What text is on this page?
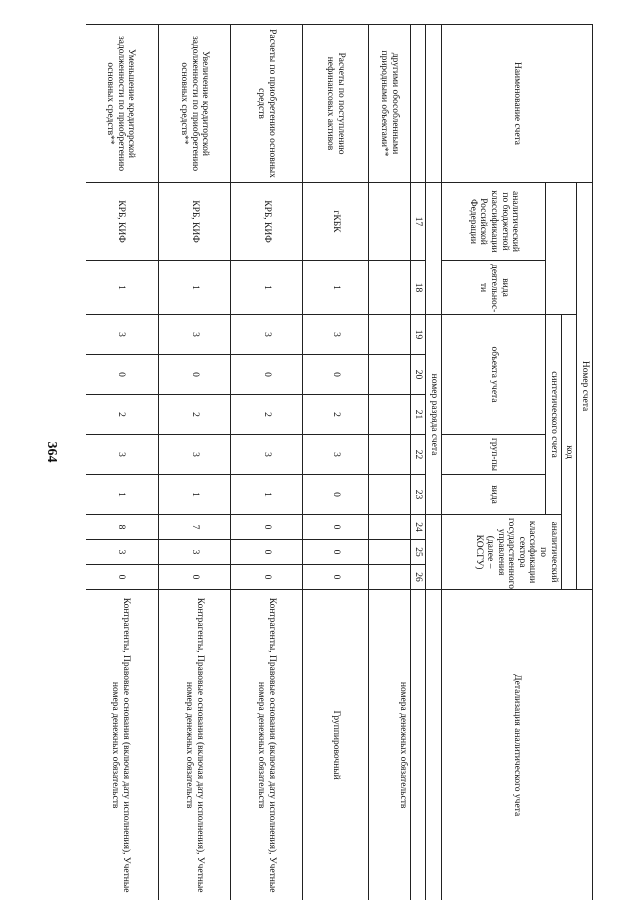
364
Наименование счета	Номер счета										Детализация аналитического учета
			код								
			синтетического счета					аналитический по классификации сектора государственного управления (далее – КОСГУ)			

	аналитический по бюджетной классификации Российской Федерации	вида деятельнос-ти	объекта учета			груп-пы	вида				
			номер разряда счета								
	17	18	19	20	21	22	23	24	25	26	
другими обособленными природными объектами**											номера денежных обязательств
Расчеты по поступлению нефинансовых активов	гКБК	1	3	0	2	3	0	0	0	0	Группировочный
Расчеты по приобретению основных средств	КРБ, КИФ	1	3	0	2	3	1	0	0	0	Контрагенты, Правовые основания (включая дату исполнения), Учетные номера денежных обязательств
Увеличение кредиторской задолженности по приобретению основных средств**	КРБ, КИФ	1	3	0	2	3	1	7	3	0	Контрагенты, Правовые основания (включая дату исполнения), Учетные номера денежных обязательств
Уменьшение кредиторской задолженности по приобретению основных средств**	КРБ, КИФ	1	3	0	2	3	1	8	3	0	Контрагенты, Правовые основания (включая дату исполнения), Учетные номера денежных обязательств
